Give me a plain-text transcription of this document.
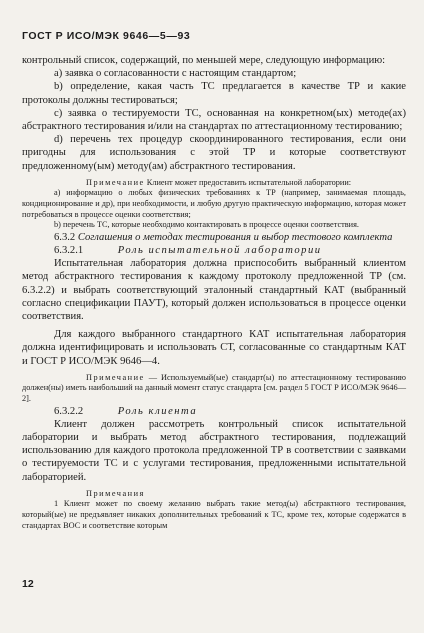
ГОСТ Р ИСО/МЭК 9646—5—93

контрольный список, содержащий, по меньшей мере, следующую информацию:

а) заявка о согласованности с настоящим стандартом;

b) определение, какая часть ТС предлагается в качестве ТР и какие протоколы должны тестироваться;

с) заявка о тестируемости ТС, основанная на конкретном(ых) методе(ах) абстрактного тестирования и/или на стандартах по аттестационному тестированию;

d) перечень тех процедур скоординированного тестирования, если они пригодны для использования с этой ТР и которые соответствуют предложенному(ым) методу(ам) абстрактного тестирования.

Примечание Клиент может предоставить испытательной лаборатории:

а) информацию о любых физических требованиях к ТР (например, занимаемая площадь, кондиционирование и др), при необходимости, и любую другую практическую информацию, которая может потребоваться в процессе оценки соответствия;

b) перечень ТС, которые необходимо контактировать в процессе оценки соответствия.

6.3.2 Соглашения о методах тестирования и выбор тестового комплекта

6.3.2.1	Роль испытательной лаборатории

Испытательная лаборатория должна приспособить выбранный клиентом метод абстрактного тестирования к каждому протоколу предложенной ТР (см. 6.3.2.2) и выбрать соответствующий эталонный стандартный КАТ (выбранный согласно спецификации ПАУТ), который должен использоваться в процессе оценки соответствия.

Для каждого выбранного стандартного КАТ испытательная лаборатория должна идентифицировать и использовать СТ, согласованные со стандартным КАТ и ГОСТ Р ИСО/МЭК 9646—4.

Примечание — Используемый(ые) стандарт(ы) по аттестационному тестированию должен(ны) иметь наибольший на данный момент статус стандарта [см. раздел 5 ГОСТ Р ИСО/МЭК 9646—2].

6.3.2.2	Роль клиента

Клиент должен рассмотреть контрольный список испытательной лаборатории и выбрать метод абстрактного тестирования, подлежащий использованию для каждого протокола предложенной ТР в соответствии с заявками о тестируемости ТС и с услугами тестирования, предложенными испытательной лабораторией.

Примечания

1 Клиент может по своему желанию выбрать такие метод(ы) абстрактного тестирования, который(ые) не предъявляет никаких дополнительных требований к ТС, кроме тех, которые содержатся в стандартах ВОС и соответствие которым

12
